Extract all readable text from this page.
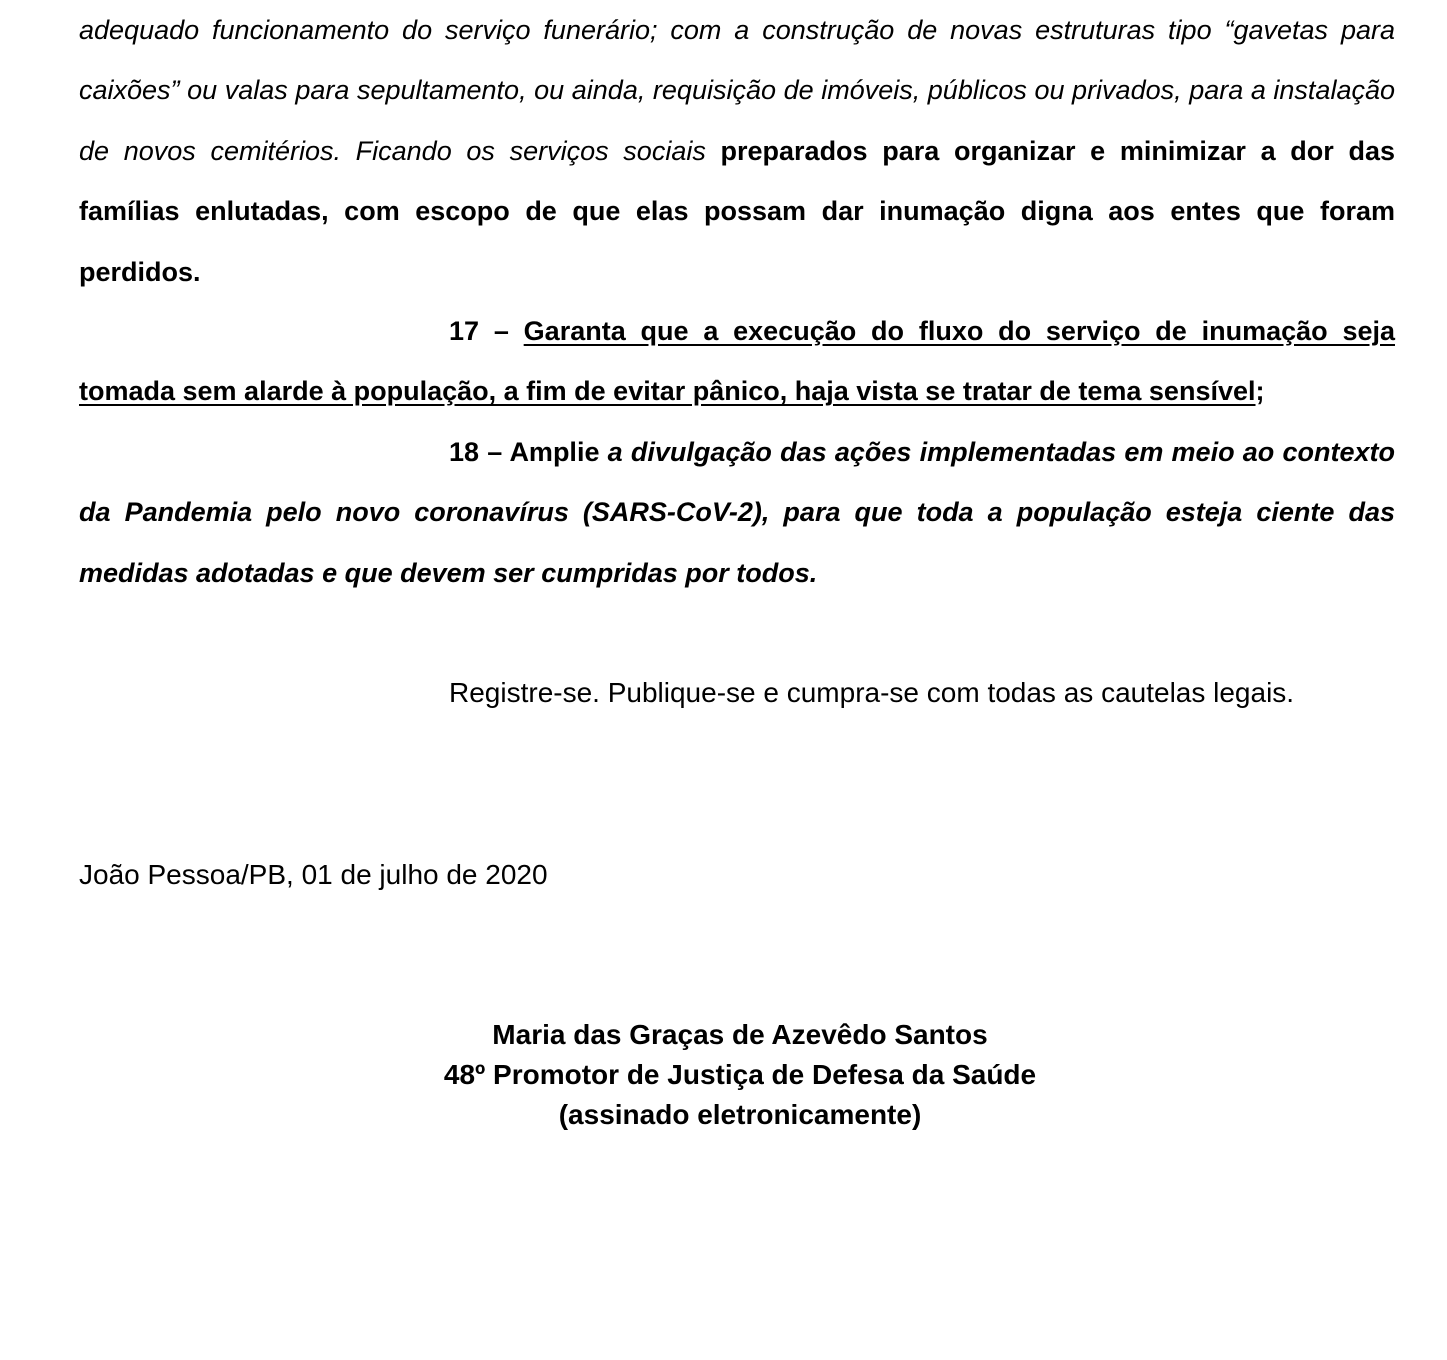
adequado funcionamento do serviço funerário; com a construção de novas estruturas tipo “gavetas para caixões” ou valas para sepultamento, ou ainda, requisição de imóveis, públicos ou privados, para a instalação de novos cemitérios. Ficando os serviços sociais preparados para organizar e minimizar a dor das famílias enlutadas, com escopo de que elas possam dar inumação digna aos entes que foram perdidos.

17 – Garanta que a execução do fluxo do serviço de inumação seja tomada sem alarde à população, a fim de evitar pânico, haja vista se tratar de tema sensível;

18 – Amplie a divulgação das ações implementadas em meio ao contexto da Pandemia pelo novo coronavírus (SARS-CoV-2), para que toda a população esteja ciente das medidas adotadas e que devem ser cumpridas por todos.

Registre-se. Publique-se e cumpra-se com todas as cautelas legais.

João Pessoa/PB, 01 de julho de 2020

Maria das Graças de Azevêdo Santos

48º Promotor de Justiça de Defesa da Saúde

(assinado eletronicamente)
